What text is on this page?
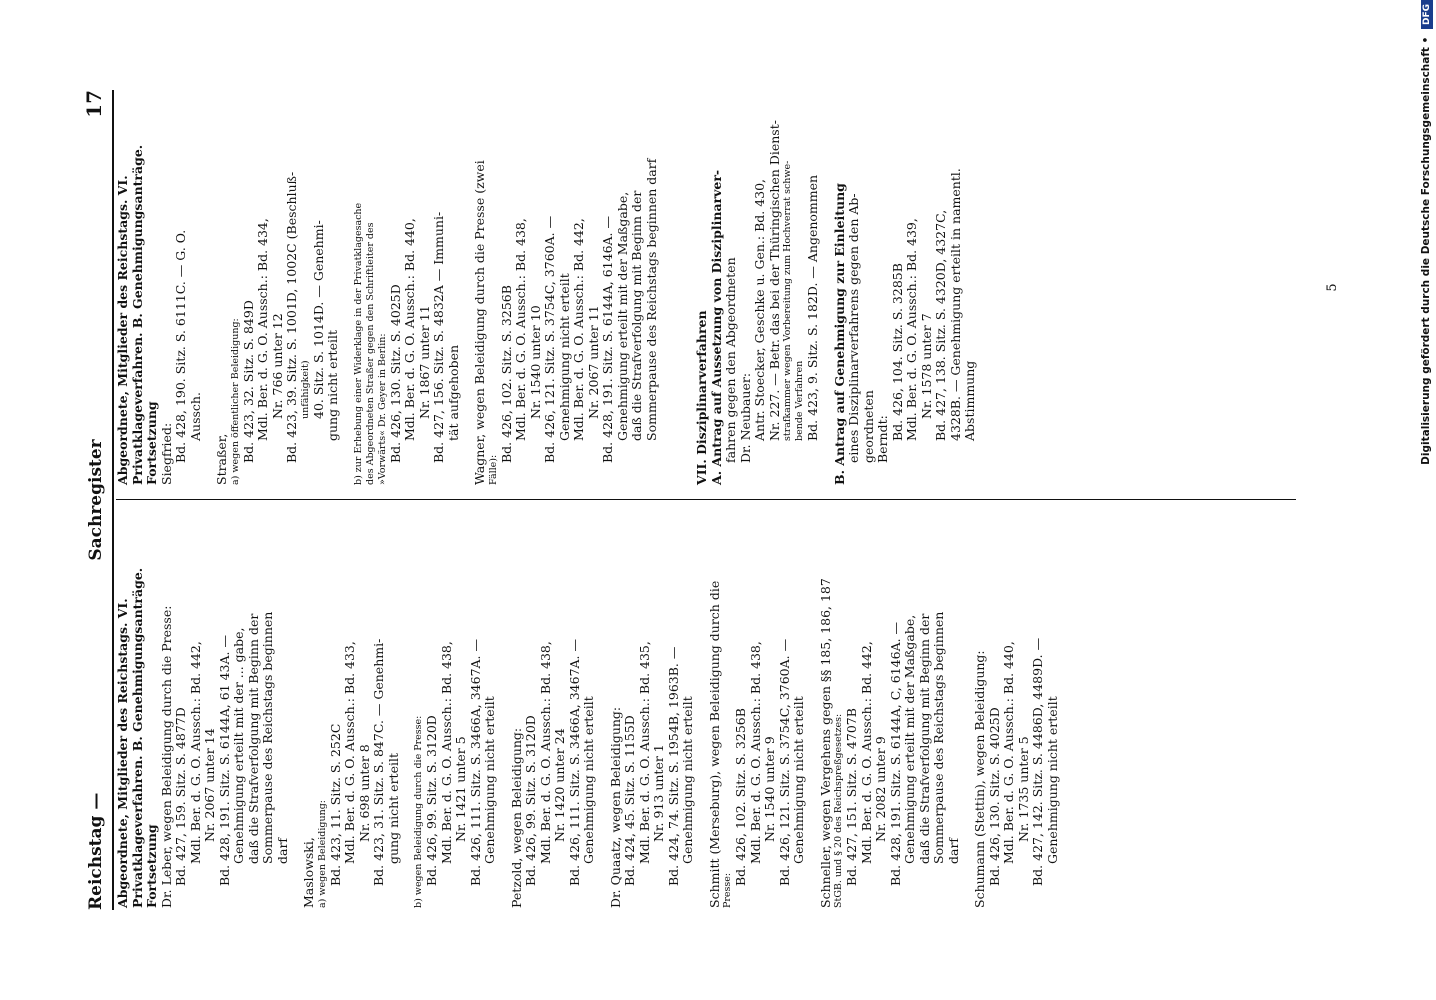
Reichstag —
Sachregister
17

Abgeordnete, Mitglieder des Reichstags. VI. Privatklageverfahren. B. Genehmigungsanträge. Fortsetzung Dr. Leber, wegen Beleidigung durch die Presse: Bd. 427, 159. Sitz. S. 4877D Mdl. Ber. d. G. O. Aussch.: Bd. 442, Nr. 2067 unter 14 Bd. 428, 191. Sitz. S. 6144A, 61 43A. — Genehmigung erteilt mit der ... gabe, daß die Strafverfolgung mit Beginn der Sommerpause des Reichstags beginnen darf Maslowski, a) wegen Beleidigung: Bd. 423, 11. Sitz. S. 252C Mdl. Ber. d. G. O. Aussch.: Bd. 433, Nr. 698 unter 8 Bd. 423, 31. Sitz. S. 847C. — Genehmi- gung nicht erteilt b) wegen Beleidigung durch die Presse: Bd. 426, 99. Sitz. S. 3120D Mdl. Ber. d. G. O. Aussch.: Bd. 438, Nr. 1421 unter 5 Bd. 426, 111. Sitz. S. 3466A, 3467A. — Genehmigung nicht erteilt Petzold, wegen Beleidigung: Bd. 426, 99. Sitz. S. 3120D Mdl. Ber. d. G. O. Aussch.: Bd. 438, Nr. 1420 unter 24 Bd. 426, 111. Sitz. S. 3466A, 3467A. — Genehmigung nicht erteilt Dr. Quaatz, wegen Beleidigung: Bd. 424, 45. Sitz. S. 1155D Mdl. Ber. d. G. O. Aussch.: Bd. 435, Nr. 913 unter 1 Bd. 424, 74. Sitz. S. 1954B, 1963B. — Genehmigung nicht erteilt Schmitt (Merseburg), wegen Beleidigung durch die Presse:

Bd. 426, 102. Sitz. S. 3256B Mdl. Ber. d. G. O. Aussch.: Bd. 438, Nr. 1540 unter 9 Bd. 426, 121. Sitz. S. 3754C, 3760A. — Genehmigung nicht erteilt Schneller, wegen Vergehens gegen §§ 185, 186, 187 StGB. und § 20 des Reichspreßgesetzes: Bd. 427, 151. Sitz. S. 4707B Mdl. Ber. d. G. O. Aussch.: Bd. 442, Nr. 2082 unter 9 Bd. 428, 191. Sitz. S. 6144A, C, 6146A. — Genehmigung erteilt mit der Maßgabe, daß die Strafverfolgung mit Beginn der Sommerpause des Reichstags beginnen darf Schumann (Stettin), wegen Beleidigung: Bd. 426, 130. Sitz. S. 4025D Mdl. Ber. d. G. O. Aussch.: Bd. 440, Nr. 1735 unter 5 Bd. 427, 142. Sitz. S. 4486D, 4489D. — Genehmigung nicht erteilt

Abgeordnete, Mitglieder des Reichstags. VI. Privatklageverfahren. B. Genehmigungsanträge. Fortsetzung Siegfried: Bd. 428, 190. Sitz. S. 6111C. — G. O. Aussch.

Straßer, a) wegen öffentlicher Beleidigung: Bd. 423, 32. Sitz. S. 849D Mdl. Ber. d. G. O. Aussch.: Bd. 434, Nr. 766 unter 12 Bd. 423, 39. Sitz. S. 1001D, 1002C (Beschluß- unfähigkeit) 40. Sitz. S. 1014D. — Genehmi- gung nicht erteilt b) zur Erhebung einer Widerklage in der Privatklagesache des Abgeordneten Straßer gegen den Schriftleiter des »Vorwärts« Dr. Geyer in Berlin: Bd. 426, 130. Sitz. S. 4025D Mdl. Ber. d. G. O. Aussch.: Bd. 440, Nr. 1867 unter 11 Bd. 427, 156. Sitz. S. 4832A — Immuni- tät aufgehoben Wagner, wegen Beleidigung durch die Presse (zwei Fälle):

Bd. 426, 102. Sitz. S. 3256B Mdl. Ber. d. G. O. Aussch.: Bd. 438, Nr. 1540 unter 10 Bd. 426, 121. Sitz. S. 3754C, 3760A. — Genehmigung nicht erteilt Mdl. Ber. d. G. O. Aussch.: Bd. 442, Nr. 2067 unter 11 Bd. 428, 191. Sitz. S. 6144A, 6146A. — Genehmigung erteilt mit der Maßgabe, daß die Strafverfolgung mit Beginn der Sommerpause des Reichstags beginnen darf	VII. Disziplinarverfahren A. Antrag auf Aussetzung von Disziplinarver- fahren gegen den Abgeordneten Dr. Neubauer: Antr. Stoecker, Geschke u. Gen.: Bd. 430, Nr. 227. — Betr. das bei der Thüringischen Dienst- strafkammer wegen Vorbereitung zum Hochverrat schwe- bende Verfahren Bd. 423, 9. Sitz. S. 182D. — Angenommen B. Antrag auf Genehmigung zur Einleitung eines Disziplinarverfahrens gegen den Ab- geordneten Berndt: Bd. 426, 104. Sitz. S. 3285B Mdl. Ber. d. G. O. Aussch.: Bd. 439, Nr. 1578 unter 7 Bd. 427, 138. Sitz. S. 4320D, 4327C, 4328B. — Genehmigung erteilt in namentl. Abstimmung

5	Digitalisierung gefördert durch die Deutsche Forschungsgemeinschaft • DFG
